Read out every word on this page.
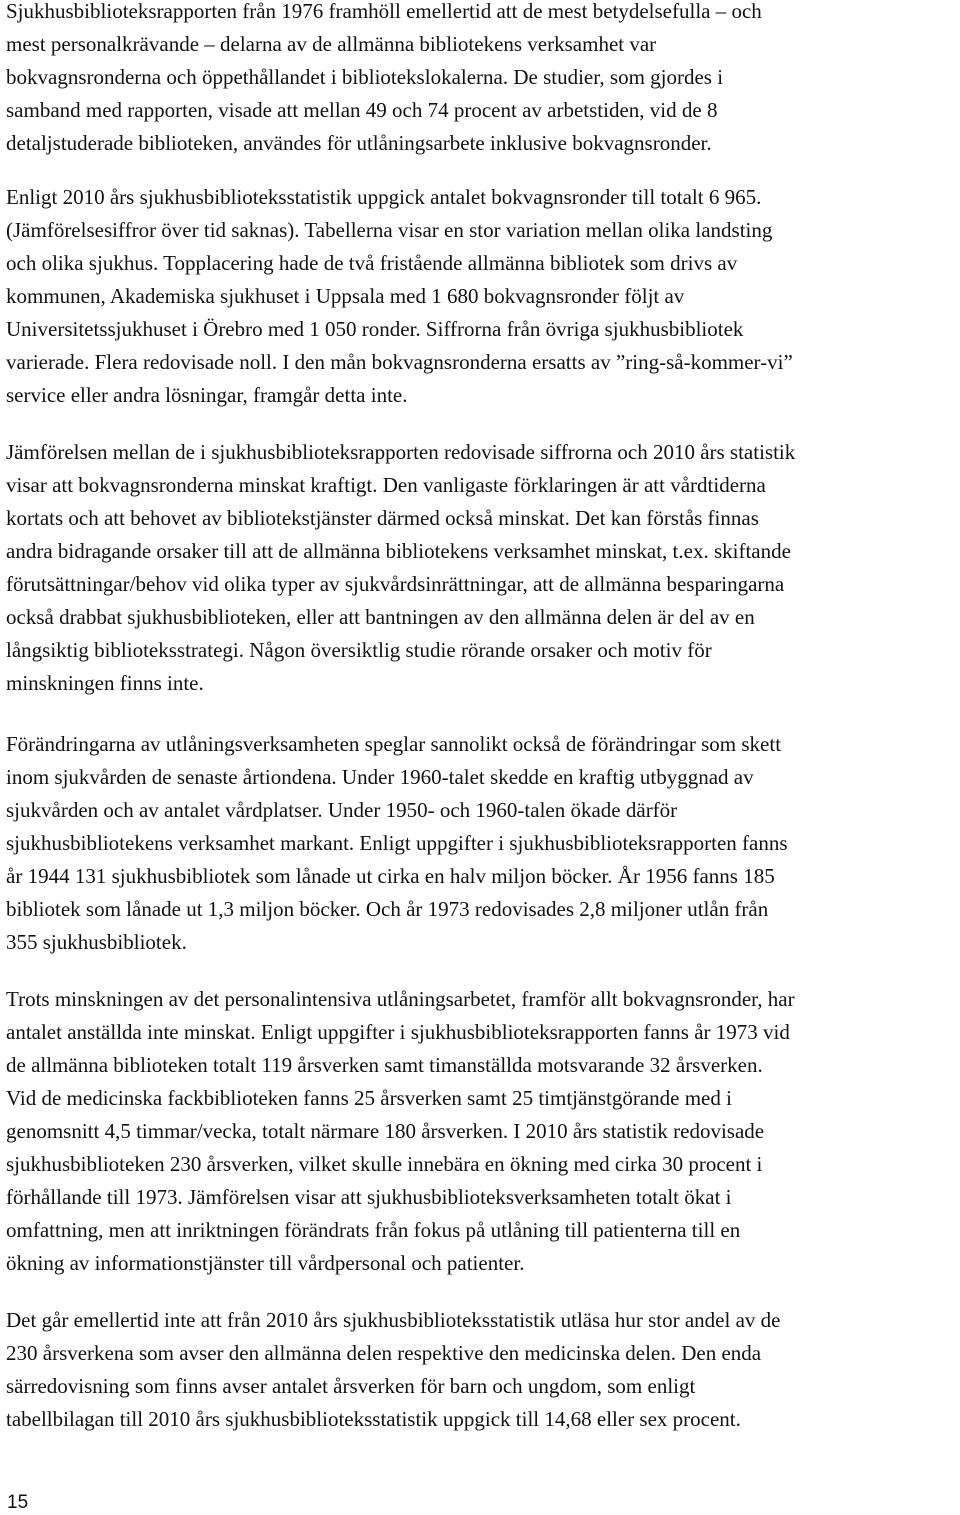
Sjukhusbiblioteksrapporten från 1976 framhöll emellertid att de mest betydelsefulla – och
mest personalkrävande – delarna av de allmänna bibliotekens verksamhet var
bokvagnsronderna och öppethållandet i bibliotekslokalerna. De studier, som gjordes i
samband med rapporten, visade att mellan 49 och 74 procent av arbetstiden, vid de 8
detaljstuderade biblioteken, användes för utlåningsarbete inklusive bokvagnsronder.

Enligt 2010 års sjukhusbiblioteksstatistik uppgick antalet bokvagnsronder till totalt 6 965.
(Jämförelsesiffror över tid saknas). Tabellerna visar en stor variation mellan olika landsting
och olika sjukhus. Topplacering hade de två fristående allmänna bibliotek som drivs av
kommunen, Akademiska sjukhuset i Uppsala med 1 680 bokvagnsronder följt av
Universitetssjukhuset i Örebro med 1 050 ronder. Siffrorna från övriga sjukhusbibliotek
varierade. Flera redovisade noll. I den mån bokvagnsronderna ersatts av ”ring-så-kommer-vi”
service eller andra lösningar, framgår detta inte.

Jämförelsen mellan de i sjukhusbiblioteksrapporten redovisade siffrorna och 2010 års statistik
visar att bokvagnsronderna minskat kraftigt. Den vanligaste förklaringen är att vårdtiderna
kortats och att behovet av bibliotekstjänster därmed också minskat. Det kan förstås finnas
andra bidragande orsaker till att de allmänna bibliotekens verksamhet minskat, t.ex. skiftande
förutsättningar/behov vid olika typer av sjukvårdsinrättningar, att de allmänna besparingarna
också drabbat sjukhusbiblioteken, eller att bantningen av den allmänna delen är del av en
långsiktig biblioteksstrategi. Någon översiktlig studie rörande orsaker och motiv för
minskningen finns inte.

Förändringarna av utlåningsverksamheten speglar sannolikt också de förändringar som skett
inom sjukvården de senaste årtiondena. Under 1960-talet skedde en kraftig utbyggnad av
sjukvården och av antalet vårdplatser. Under 1950- och 1960-talen ökade därför
sjukhusbibliotekens verksamhet markant. Enligt uppgifter i sjukhusbiblioteksrapporten fanns
år 1944 131 sjukhusbibliotek som lånade ut cirka en halv miljon böcker. År 1956 fanns 185
bibliotek som lånade ut 1,3 miljon böcker. Och år 1973 redovisades 2,8 miljoner utlån från
355 sjukhusbibliotek.

Trots minskningen av det personalintensiva utlåningsarbetet, framför allt bokvagnsronder, har
antalet anställda inte minskat. Enligt uppgifter i sjukhusbiblioteksrapporten fanns år 1973 vid
de allmänna biblioteken totalt 119 årsverken samt timanställda motsvarande 32 årsverken.
Vid de medicinska fackbiblioteken fanns 25 årsverken samt 25 timtjänstgörande med i
genomsnitt 4,5 timmar/vecka, totalt närmare 180 årsverken. I 2010 års statistik redovisade
sjukhusbiblioteken 230 årsverken, vilket skulle innebära en ökning med cirka 30 procent i
förhållande till 1973. Jämförelsen visar att sjukhusbiblioteksverksamheten totalt ökat i
omfattning, men att inriktningen förändrats från fokus på utlåning till patienterna till en
ökning av informationstjänster till vårdpersonal och patienter.

Det går emellertid inte att från 2010 års sjukhusbiblioteksstatistik utläsa hur stor andel av de
230 årsverkena som avser den allmänna delen respektive den medicinska delen. Den enda
särredovisning som finns avser antalet årsverken för barn och ungdom, som enligt
tabellbilagan till 2010 års sjukhusbiblioteksstatistik uppgick till 14,68 eller sex procent.

15
